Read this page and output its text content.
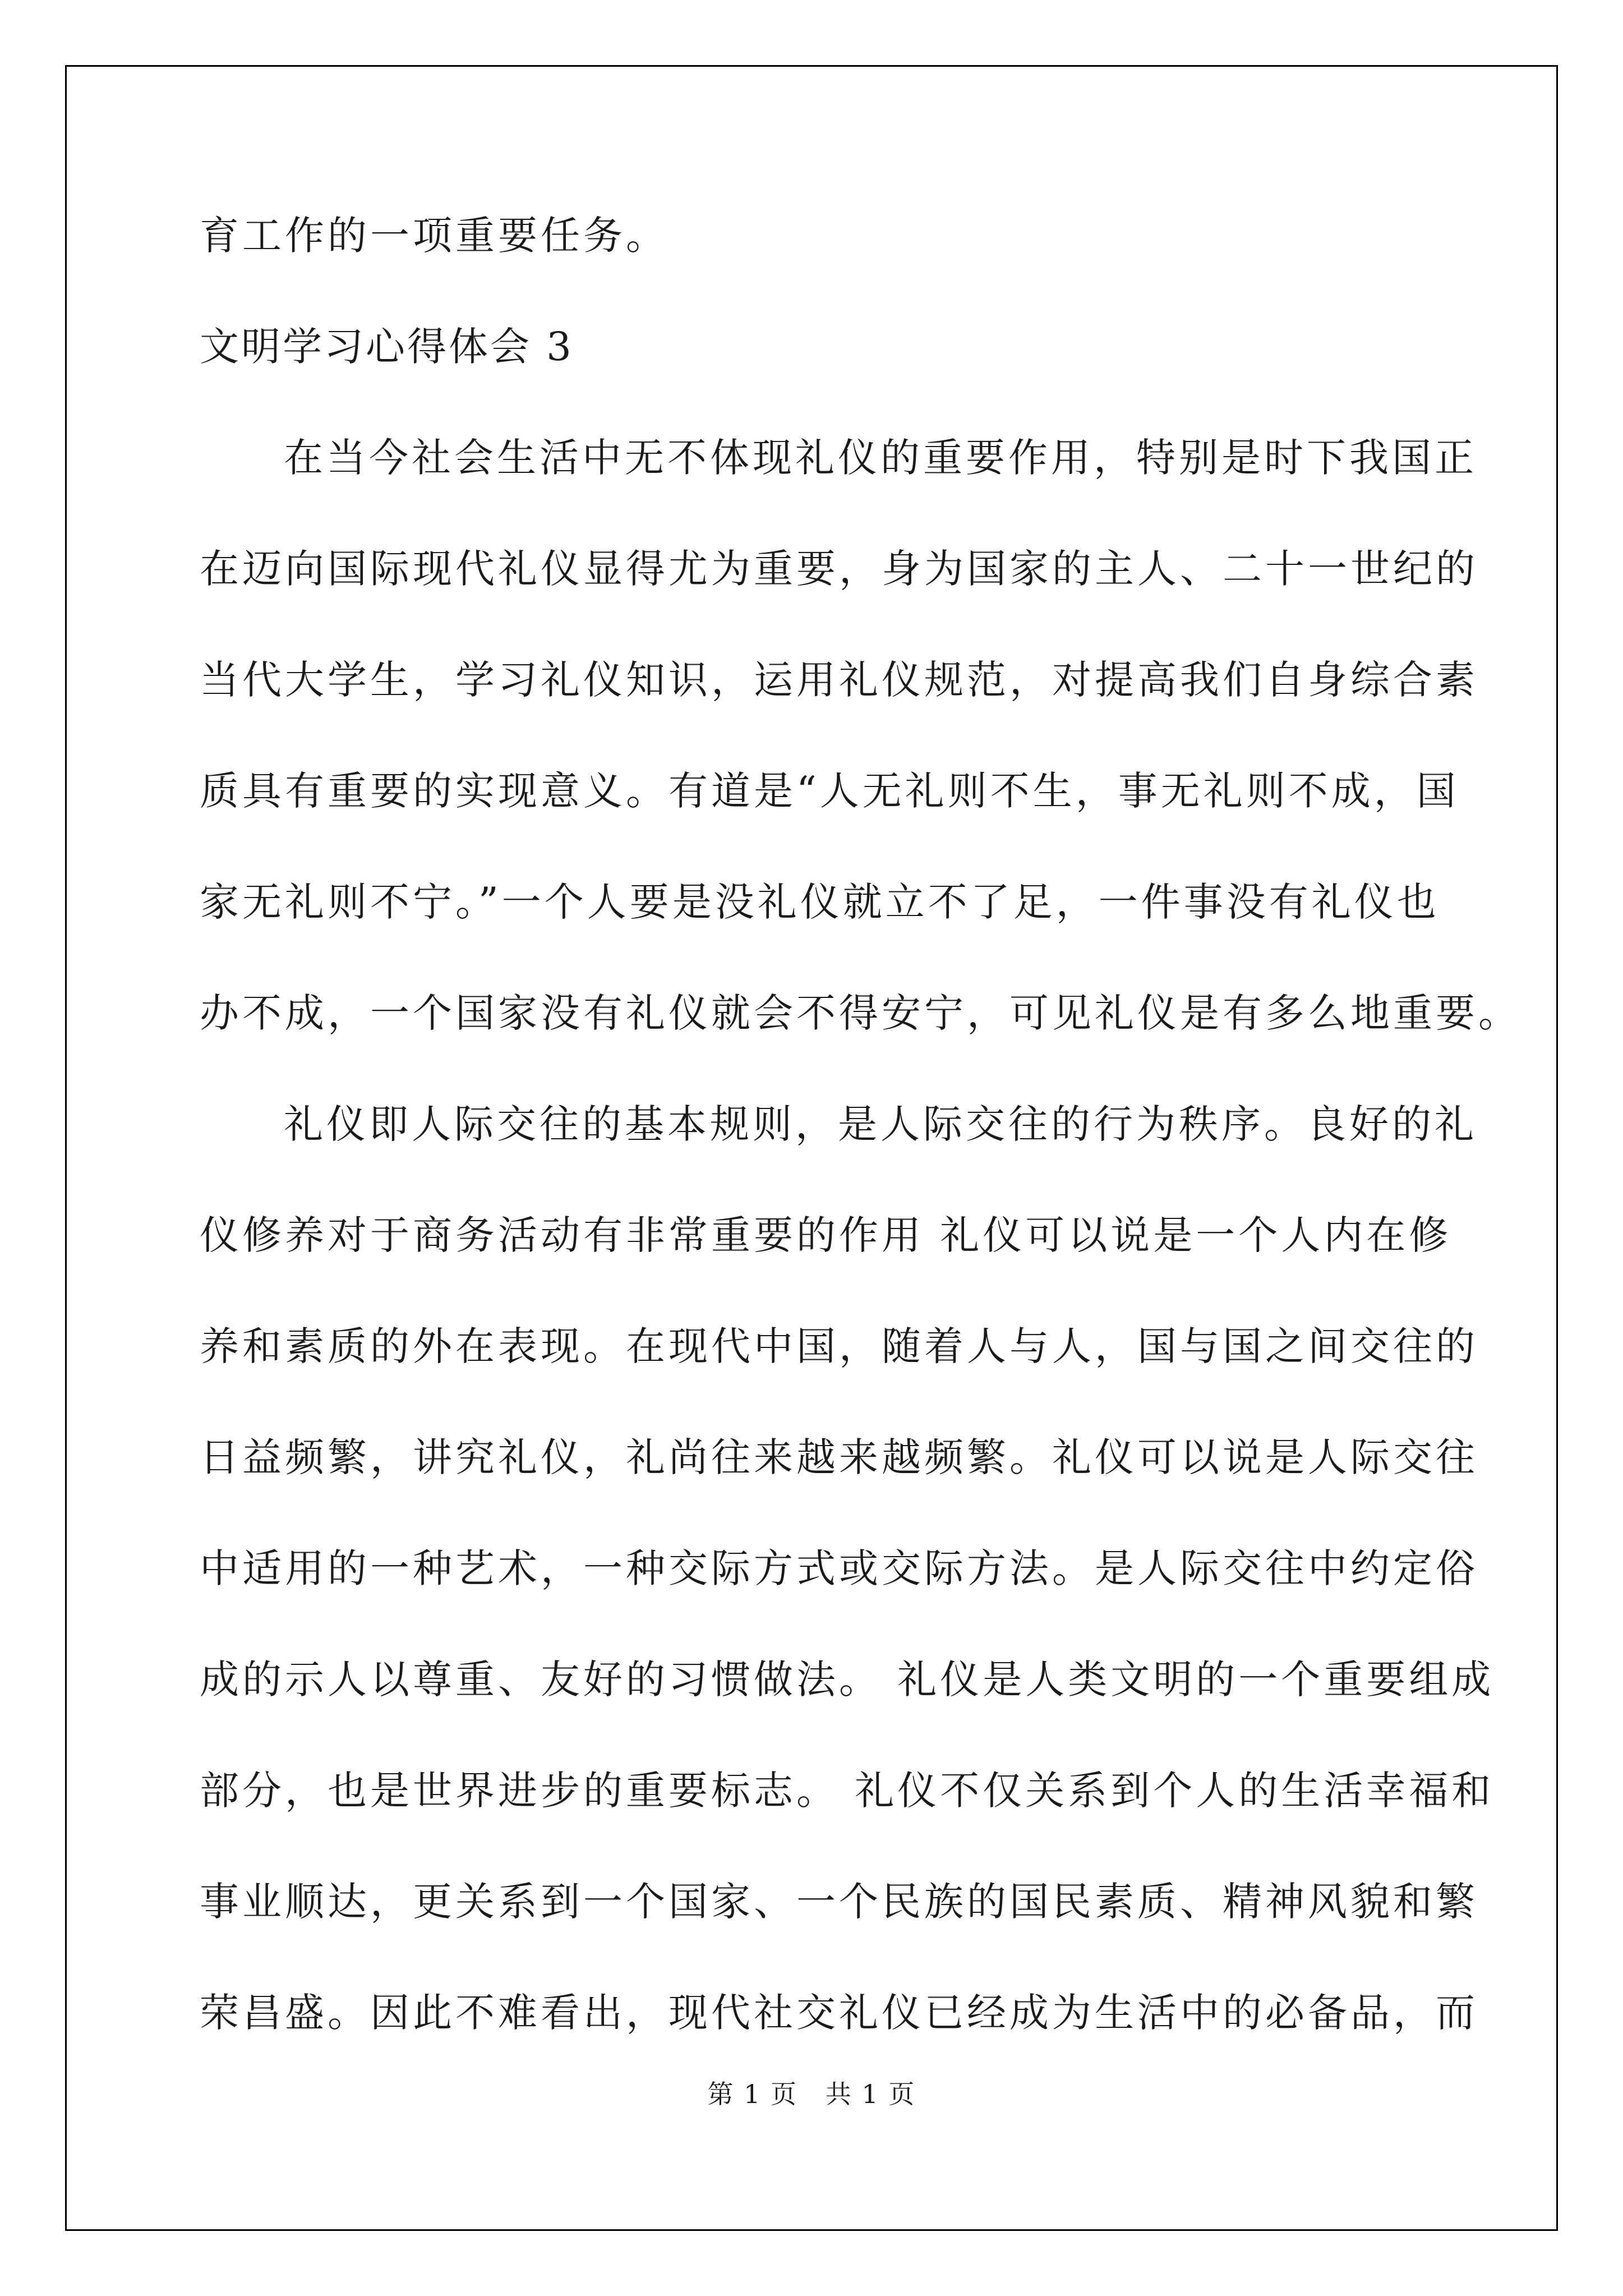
育工作的一项重要任务。
文明学习心得体会 3
在当今社会生活中无不体现礼仪的重要作用，特别是时下我国正
在迈向国际现代礼仪显得尤为重要，身为国家的主人、二十一世纪的
当代大学生，学习礼仪知识，运用礼仪规范，对提高我们自身综合素
质具有重要的实现意义。有道是“人无礼则不生，事无礼则不成，国
家无礼则不宁。”一个人要是没礼仪就立不了足，一件事没有礼仪也
办不成，一个国家没有礼仪就会不得安宁，可见礼仪是有多么地重要。
礼仪即人际交往的基本规则，是人际交往的行为秩序。良好的礼
仪修养对于商务活动有非常重要的作用 礼仪可以说是一个人内在修
养和素质的外在表现。在现代中国，随着人与人，国与国之间交往的
日益频繁，讲究礼仪，礼尚往来越来越频繁。礼仪可以说是人际交往
中适用的一种艺术，一种交际方式或交际方法。是人际交往中约定俗
成的示人以尊重、友好的习惯做法。 礼仪是人类文明的一个重要组成
部分，也是世界进步的重要标志。 礼仪不仅关系到个人的生活幸福和
事业顺达，更关系到一个国家、一个民族的国民素质、精神风貌和繁
荣昌盛。因此不难看出，现代社交礼仪已经成为生活中的必备品，而
第 1 页   共 1 页
